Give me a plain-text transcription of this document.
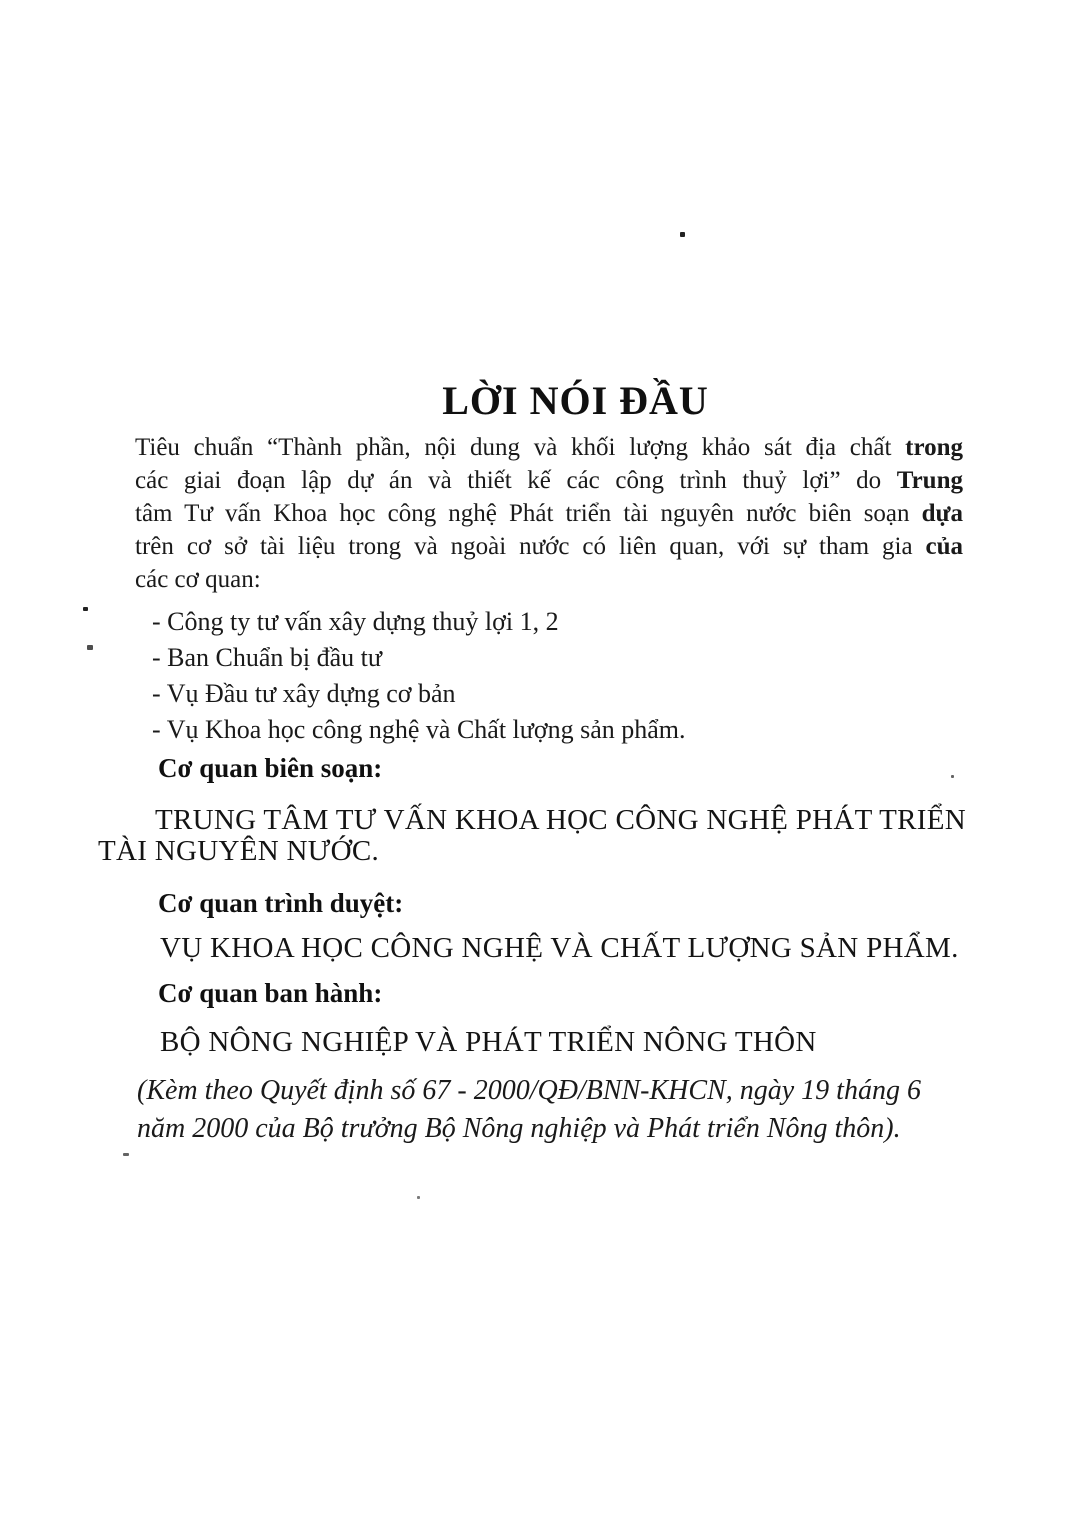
LỜI NÓI ĐẦU
Tiêu chuẩn “Thành phần, nội dung và khối lượng khảo sát địa chất trong
các giai đoạn lập dự án và thiết kế các công trình thuỷ lợi” do Trung
tâm Tư vấn Khoa học công nghệ Phát triển tài nguyên nước biên soạn dựa
trên cơ sở tài liệu trong và ngoài nước có liên quan, với sự tham gia của
các cơ quan:
- Công ty tư vấn xây dựng thuỷ lợi 1, 2
- Ban Chuẩn bị đầu tư
- Vụ Đầu tư xây dựng cơ bản
- Vụ Khoa học công nghệ và Chất lượng sản phẩm.
Cơ quan biên soạn:
TRUNG TÂM TƯ VẤN KHOA HỌC CÔNG NGHỆ PHÁT TRIỂN
TÀI NGUYÊN NƯỚC.
Cơ quan trình duyệt:
VỤ KHOA HỌC CÔNG NGHỆ VÀ CHẤT LƯỢNG SẢN PHẨM.
Cơ quan ban hành:
BỘ NÔNG NGHIỆP VÀ PHÁT TRIỂN NÔNG THÔN
(Kèm theo Quyết định số 67 - 2000/QĐ/BNN-KHCN, ngày 19 tháng 6
năm 2000 của Bộ trưởng Bộ Nông nghiệp và Phát triển Nông thôn).
